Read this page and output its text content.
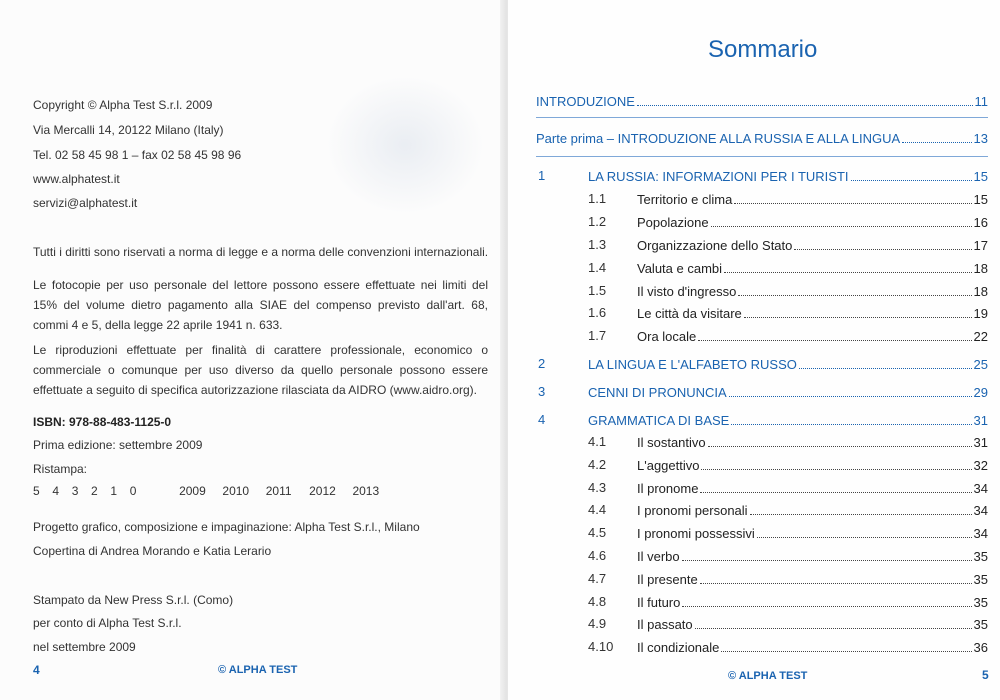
Copyright © Alpha Test S.r.l. 2009
Via Mercalli 14, 20122 Milano (Italy)
Tel. 02 58 45 98 1 – fax 02 58 45 98 96
www.alphatest.it
servizi@alphatest.it
Tutti i diritti sono riservati a norma di legge e a norma delle convenzioni internazionali.
Le fotocopie per uso personale del lettore possono essere effettuate nei limiti del 15% del volume dietro pagamento alla SIAE del compenso previsto dall'art. 68, commi 4 e 5, della legge 22 aprile 1941 n. 633.
Le riproduzioni effettuate per finalità di carattere professionale, economico o commerciale o comunque per uso diverso da quello personale possono essere effettuate a seguito di specifica autorizzazione rilasciata da AIDRO (www.aidro.org).
ISBN: 978-88-483-1125-0
Prima edizione: settembre 2009
Ristampa:
5 4 3 2 1 0	2009 2010 2011 2012 2013
Progetto grafico, composizione e impaginazione: Alpha Test S.r.l., Milano
Copertina di Andrea Morando e Katia Lerario
Stampato da New Press S.r.l. (Como)
per conto di Alpha Test S.r.l.
nel settembre 2009
4	© ALPHA TEST
Sommario
INTRODUZIONE	11
Parte prima – INTRODUZIONE ALLA RUSSIA E ALLA LINGUA	13
1	LA RUSSIA: INFORMAZIONI PER I TURISTI	15
1.1 Territorio e clima	15
1.2 Popolazione	16
1.3 Organizzazione dello Stato	17
1.4 Valuta e cambi	18
1.5 Il visto d'ingresso	18
1.6 Le città da visitare	19
1.7 Ora locale	22
2	LA LINGUA E L'ALFABETO RUSSO	25
3	CENNI DI PRONUNCIA	29
4	GRAMMATICA DI BASE	31
4.1 Il sostantivo	31
4.2 L'aggettivo	32
4.3 Il pronome	34
4.4 I pronomi personali	34
4.5 I pronomi possessivi	34
4.6 Il verbo	35
4.7 Il presente	35
4.8 Il futuro	35
4.9 Il passato	35
4.10 Il condizionale	36
© ALPHA TEST	5
